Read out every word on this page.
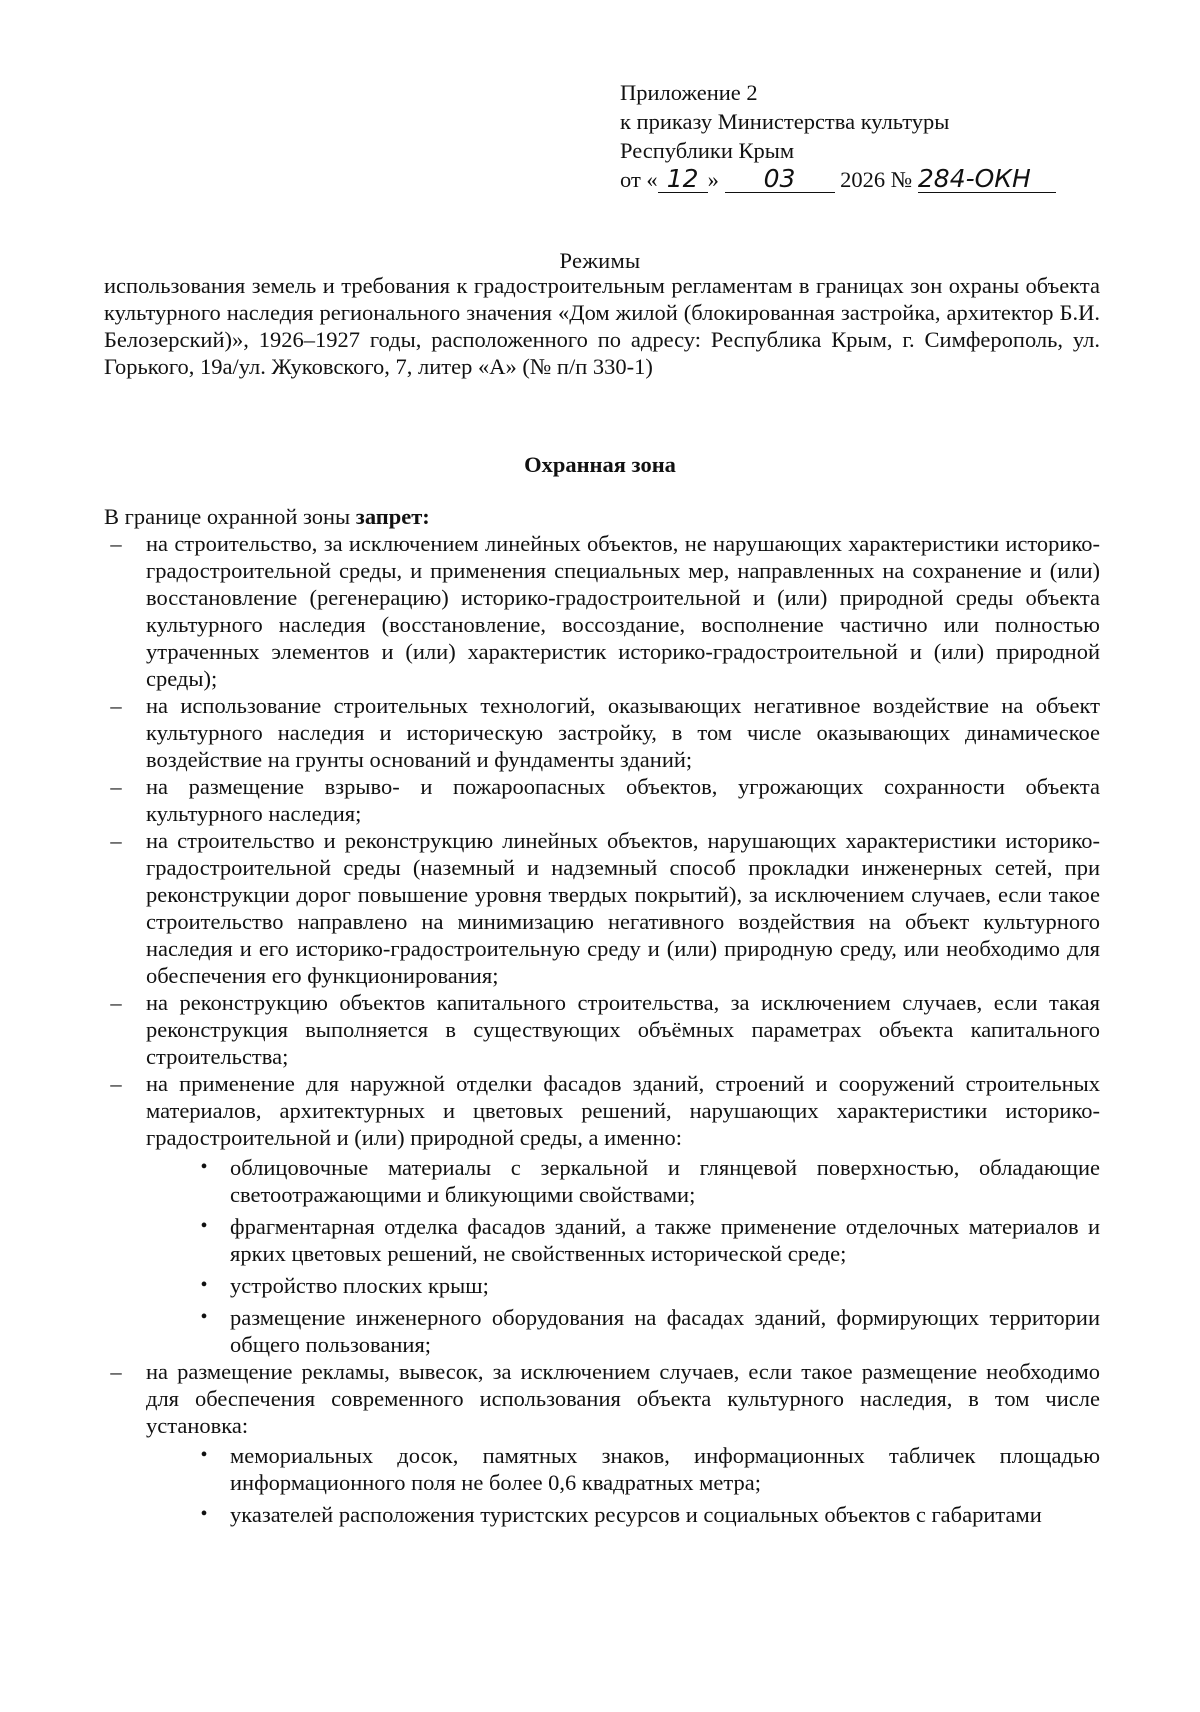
Приложение 2
к приказу Министерства культуры
Республики Крым
от « 12 » 03 2026 № 284-ОКН
Режимы
использования земель и требования к градостроительным регламентам в границах зон охраны объекта культурного наследия регионального значения «Дом жилой (блокированная застройка, архитектор Б.И. Белозерский)», 1926–1927 годы, расположенного по адресу: Республика Крым, г. Симферополь, ул. Горького, 19а/ул. Жуковского, 7, литер «А» (№ п/п 330-1)
Охранная зона
В границе охранной зоны запрет:
– на строительство, за исключением линейных объектов, не нарушающих характеристики историко-градостроительной среды, и применения специальных мер, направленных на сохранение и (или) восстановление (регенерацию) историко-градостроительной и (или) природной среды объекта культурного наследия (восстановление, воссоздание, восполнение частично или полностью утраченных элементов и (или) характеристик историко-градостроительной и (или) природной среды);
– на использование строительных технологий, оказывающих негативное воздействие на объект культурного наследия и историческую застройку, в том числе оказывающих динамическое воздействие на грунты оснований и фундаменты зданий;
– на размещение взрыво- и пожароопасных объектов, угрожающих сохранности объекта культурного наследия;
– на строительство и реконструкцию линейных объектов, нарушающих характеристики историко-градостроительной среды (наземный и надземный способ прокладки инженерных сетей, при реконструкции дорог повышение уровня твердых покрытий), за исключением случаев, если такое строительство направлено на минимизацию негативного воздействия на объект культурного наследия и его историко-градостроительную среду и (или) природную среду, или необходимо для обеспечения его функционирования;
– на реконструкцию объектов капитального строительства, за исключением случаев, если такая реконструкция выполняется в существующих объёмных параметрах объекта капитального строительства;
– на применение для наружной отделки фасадов зданий, строений и сооружений строительных материалов, архитектурных и цветовых решений, нарушающих характеристики историко-градостроительной и (или) природной среды, а именно:
• облицовочные материалы с зеркальной и глянцевой поверхностью, обладающие светоотражающими и бликующими свойствами;
• фрагментарная отделка фасадов зданий, а также применение отделочных материалов и ярких цветовых решений, не свойственных исторической среде;
• устройство плоских крыш;
• размещение инженерного оборудования на фасадах зданий, формирующих территории общего пользования;
– на размещение рекламы, вывесок, за исключением случаев, если такое размещение необходимо для обеспечения современного использования объекта культурного наследия, в том числе установка:
• мемориальных досок, памятных знаков, информационных табличек площадью информационного поля не более 0,6 квадратных метра;
• указателей расположения туристских ресурсов и социальных объектов с габаритами
